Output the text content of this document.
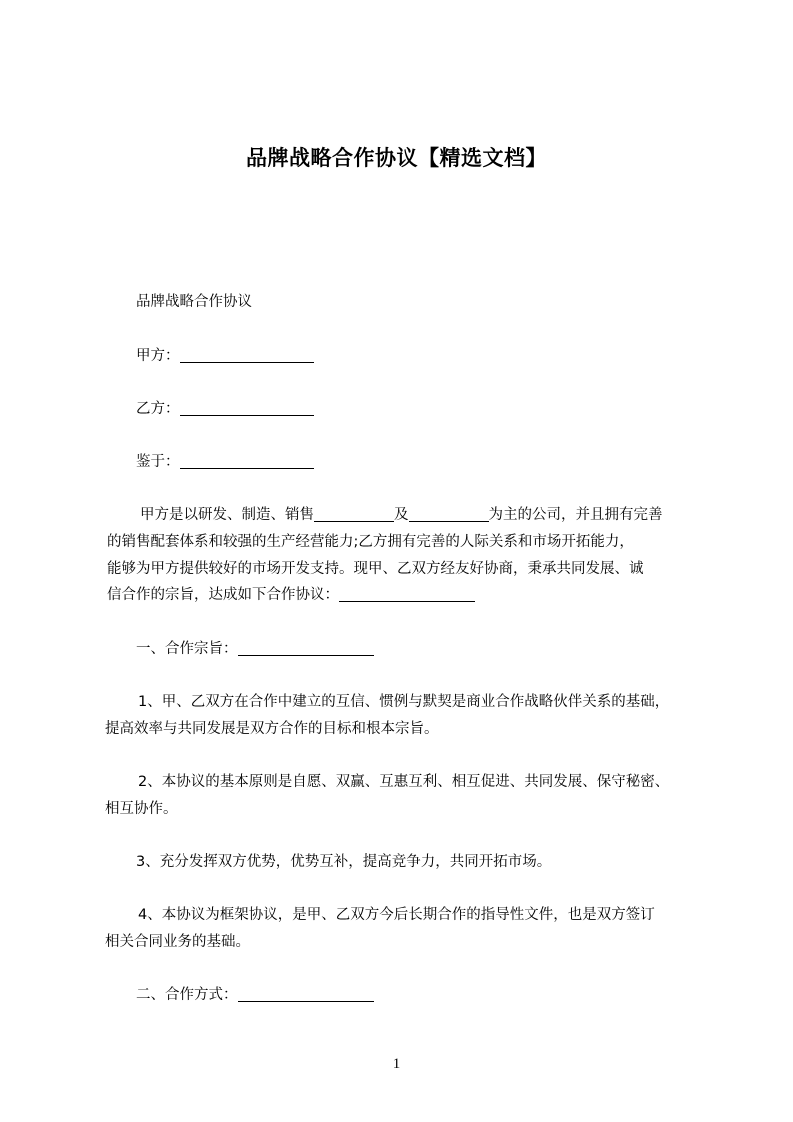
品牌战略合作协议【精选文档】
品牌战略合作协议
甲方：
乙方：
鉴于：
甲方是以研发、制造、销售	及	为主的公司，并且拥有完善
的销售配套体系和较强的生产经营能力;乙方拥有完善的人际关系和市场开拓能力，
能够为甲方提供较好的市场开发支持。现甲、乙双方经友好协商，秉承共同发展、诚
信合作的宗旨，达成如下合作协议：
一、合作宗旨：
1、甲、乙双方在合作中建立的互信、惯例与默契是商业合作战略伙伴关系的基础，
提高效率与共同发展是双方合作的目标和根本宗旨。
2、本协议的基本原则是自愿、双赢、互惠互利、相互促进、共同发展、保守秘密、
相互协作。
3、充分发挥双方优势，优势互补，提高竞争力，共同开拓市场。
4、本协议为框架协议，是甲、乙双方今后长期合作的指导性文件，也是双方签订
相关合同业务的基础。
二、合作方式：
1
